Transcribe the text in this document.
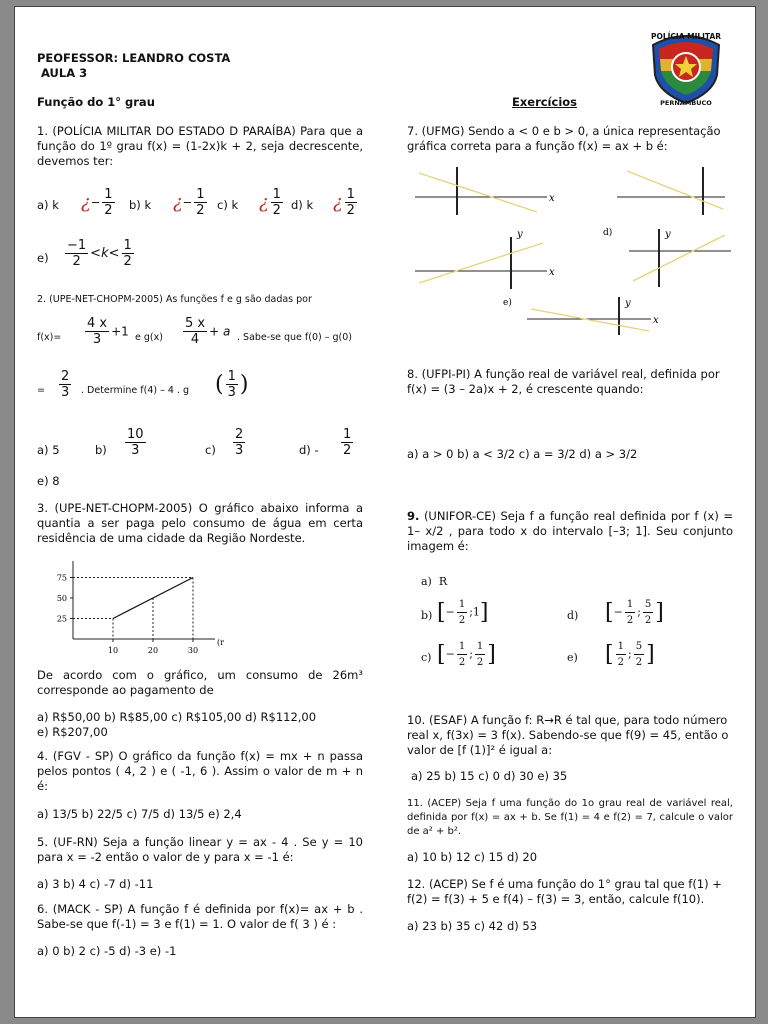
PEOFESSOR: LEANDRO COSTA
AULA 3
Função do 1° grau	Exercícios
POLÍCIA MILITAR
PERNAMBUCO
1. (POLÍCIA MILITAR DO ESTADO D PARAÍBA) Para que a função do 1º grau f(x) = (1-2x)k + 2, seja decrescente, devemos ter:
a) k ¿− $\frac{1}{2} b$) k ¿− $\frac{1}{2} c$) k ¿ $\frac{1}{2} d$) k ¿ $\frac{1}{2}$
$e) \frac{-1}{2} <k< \frac{1}{2}$
2. (UPE-NET-CHOPM-2005) As funções f e g são dadas por
$f(x)= \frac{4 x}{3} +1$ e $g(x) \frac{5 x}{4} + a$ . Sabe-se que f(0) – g(0)
= $\frac{2}{3}$ . Determine f(4) – 4 . g ( $\frac{1}{3}$ )
a) 5	$b) \frac{10}{3}$	$c) \frac{2}{3}$	$d) - \frac{1}{2}$
e) 8
3. (UPE-NET-CHOPM-2005) O gráfico abaixo informa a quantia a ser paga pelo consumo de água em certa residência de uma cidade da Região Nordeste.
(r
25
50
75
10	20	30
De acordo com o gráfico, um consumo de 26m³ corresponde ao pagamento de
a) R$50,00 b) R$85,00 c) R$105,00 d) R$112,00
e) R$207,00
4. (FGV - SP) O gráfico da função f(x) = mx + n passa pelos pontos ( 4, 2 ) e ( -1, 6 ). Assim o valor de m + n é:
a) 13/5 b) 22/5 c) 7/5 d) 13/5 e) 2,4
5. (UF-RN) Seja a função linear y = ax - 4 . Se y = 10 para x = -2 então o valor de y para x = -1 é:
a) 3 b) 4 c) -7 d) -11
6. (MACK - SP) A função f é definida por f(x)= ax + b . Sabe-se que f(-1) = 3 e f(1) = 1. O valor de f( 3 ) é :
a) 0 b) 2 c) -5 d) -3 e) -1
7. (UFMG) Sendo a < 0 e b > 0, a única representação gráfica correta para a função f(x) = ax + b é:
x
x
y	d)	y
e)
x
y
8. (UFPI-PI) A função real de variável real, definida por f(x) = (3 – 2a)x + 2, é crescente quando:
a) a > 0 b) a < 3/2 c) a = 3/2 d) a > 3/2
9. (UNIFOR-CE) Seja f a função real definida por f (x) = 1– x/2 , para todo x do intervalo [–3; 1]. Seu conjunto imagem é:
a) R
b) [− $\frac{1}{2}$ ;1]	d) [− $\frac{1}{2}$ ; $\frac{5}{2}$ ]
c) [− $\frac{1}{2}$ ; $\frac{1}{2}$ ]	e) [ $\frac{1}{2}$ ; $\frac{5}{2}$ ]
10. (ESAF) A função f: R→R é tal que, para todo número real x, f(3x) = 3 f(x). Sabendo-se que f(9) = 45, então o valor de [f (1)]² é igual a:
a) 25 b) 15 c) 0 d) 30 e) 35
11. (ACEP) Seja f uma função do 1o grau real de variável real, definida por f(x) = ax + b. Se f(1) = 4 e f(2) = 7, calcule o valor de a² + b².
a) 10 b) 12 c) 15 d) 20
12. (ACEP) Se f é uma função do 1° grau tal que f(1) + f(2) = f(3) + 5 e f(4) – f(3) = 3, então, calcule f(10).
a) 23 b) 35 c) 42 d) 53
